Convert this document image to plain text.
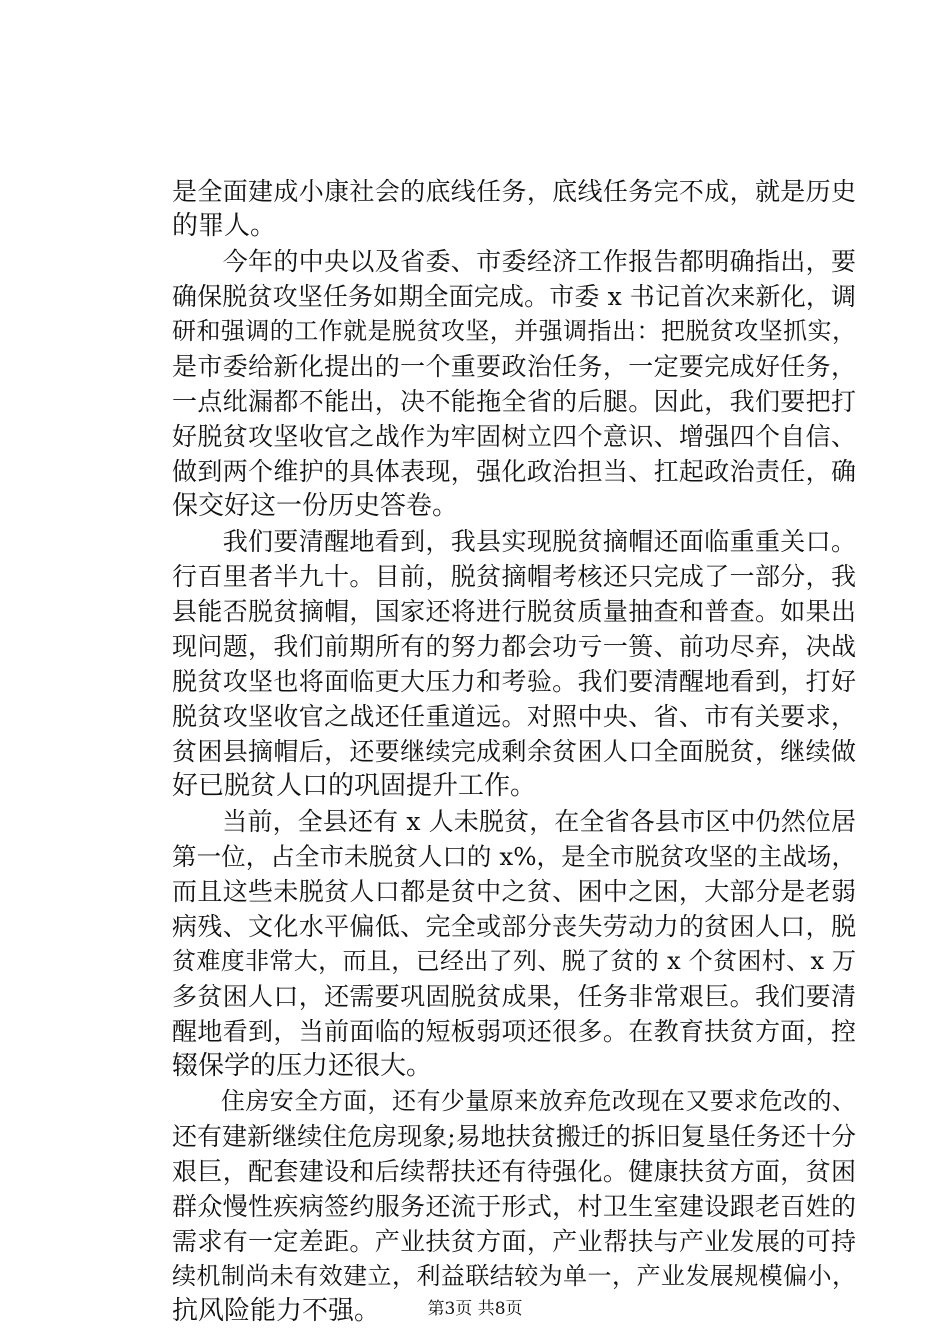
是全面建成小康社会的底线任务，底线任务完不成，就是历史
的罪人。
　　今年的中央以及省委、市委经济工作报告都明确指出，要
确保脱贫攻坚任务如期全面完成。市委 x 书记首次来新化，调
研和强调的工作就是脱贫攻坚，并强调指出：把脱贫攻坚抓实，
是市委给新化提出的一个重要政治任务，一定要完成好任务，
一点纰漏都不能出，决不能拖全省的后腿。因此，我们要把打
好脱贫攻坚收官之战作为牢固树立四个意识、增强四个自信、
做到两个维护的具体表现，强化政治担当、扛起政治责任，确
保交好这一份历史答卷。
　　我们要清醒地看到，我县实现脱贫摘帽还面临重重关口。
行百里者半九十。目前，脱贫摘帽考核还只完成了一部分，我
县能否脱贫摘帽，国家还将进行脱贫质量抽查和普查。如果出
现问题，我们前期所有的努力都会功亏一篑、前功尽弃，决战
脱贫攻坚也将面临更大压力和考验。我们要清醒地看到，打好
脱贫攻坚收官之战还任重道远。对照中央、省、市有关要求，
贫困县摘帽后，还要继续完成剩余贫困人口全面脱贫，继续做
好已脱贫人口的巩固提升工作。
　　当前，全县还有 x 人未脱贫，在全省各县市区中仍然位居
第一位，占全市未脱贫人口的 x%，是全市脱贫攻坚的主战场，
而且这些未脱贫人口都是贫中之贫、困中之困，大部分是老弱
病残、文化水平偏低、完全或部分丧失劳动力的贫困人口，脱
贫难度非常大，而且，已经出了列、脱了贫的 x 个贫困村、x 万
多贫困人口，还需要巩固脱贫成果，任务非常艰巨。我们要清
醒地看到，当前面临的短板弱项还很多。在教育扶贫方面，控
辍保学的压力还很大。
　　住房安全方面，还有少量原来放弃危改现在又要求危改的、
还有建新继续住危房现象;易地扶贫搬迁的拆旧复垦任务还十分
艰巨，配套建设和后续帮扶还有待强化。健康扶贫方面，贫困
群众慢性疾病签约服务还流于形式，村卫生室建设跟老百姓的
需求有一定差距。产业扶贫方面，产业帮扶与产业发展的可持
续机制尚未有效建立，利益联结较为单一，产业发展规模偏小，
抗风险能力不强。	第3页 共8页
